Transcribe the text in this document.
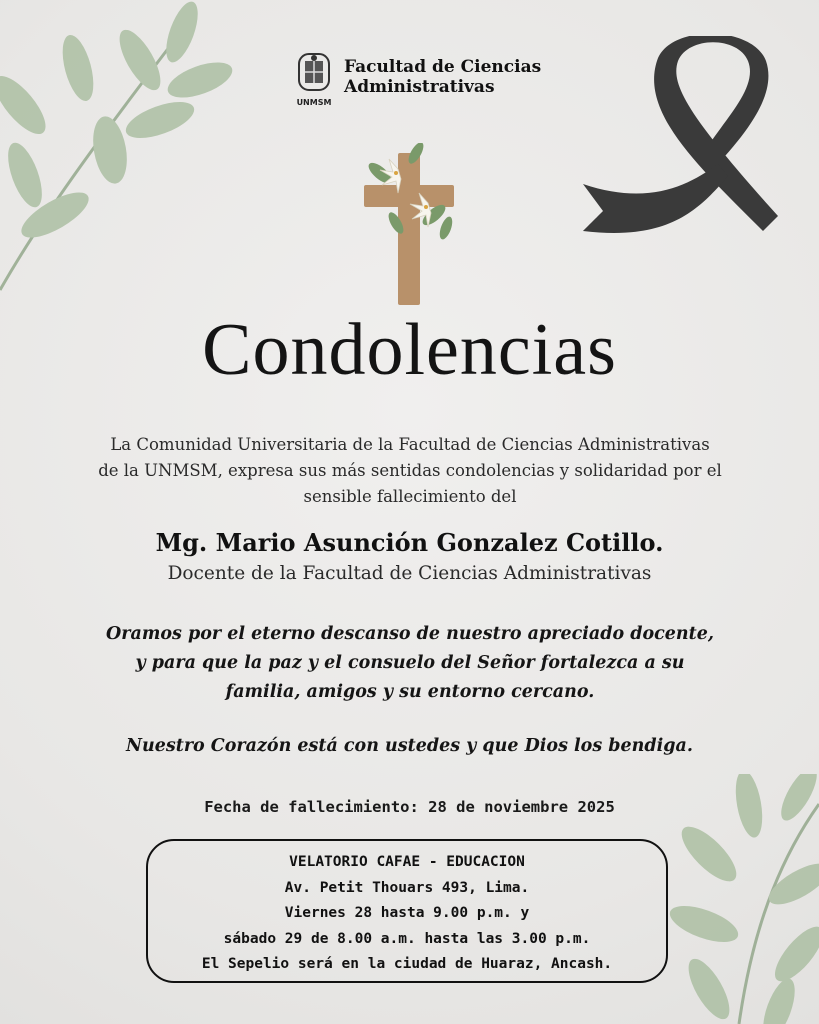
UNMSM
Facultad de Ciencias
Administrativas
Condolencias
La Comunidad Universitaria de la Facultad de Ciencias Administrativas
de la UNMSM, expresa sus más sentidas condolencias y solidaridad por el
sensible fallecimiento del
Mg. Mario Asunción Gonzalez Cotillo.
Docente de la Facultad de Ciencias Administrativas
Oramos por el eterno descanso de nuestro apreciado docente,
y para que la paz y el consuelo del Señor fortalezca a su
familia, amigos y su entorno cercano.
Nuestro Corazón está con ustedes y que Dios los bendiga.
Fecha de fallecimiento: 28 de noviembre 2025
VELATORIO CAFAE - EDUCACION
Av. Petit Thouars 493, Lima.
Viernes 28 hasta 9.00 p.m. y
sábado 29 de 8.00 a.m. hasta las 3.00 p.m.
El Sepelio será en la ciudad de Huaraz, Ancash.
